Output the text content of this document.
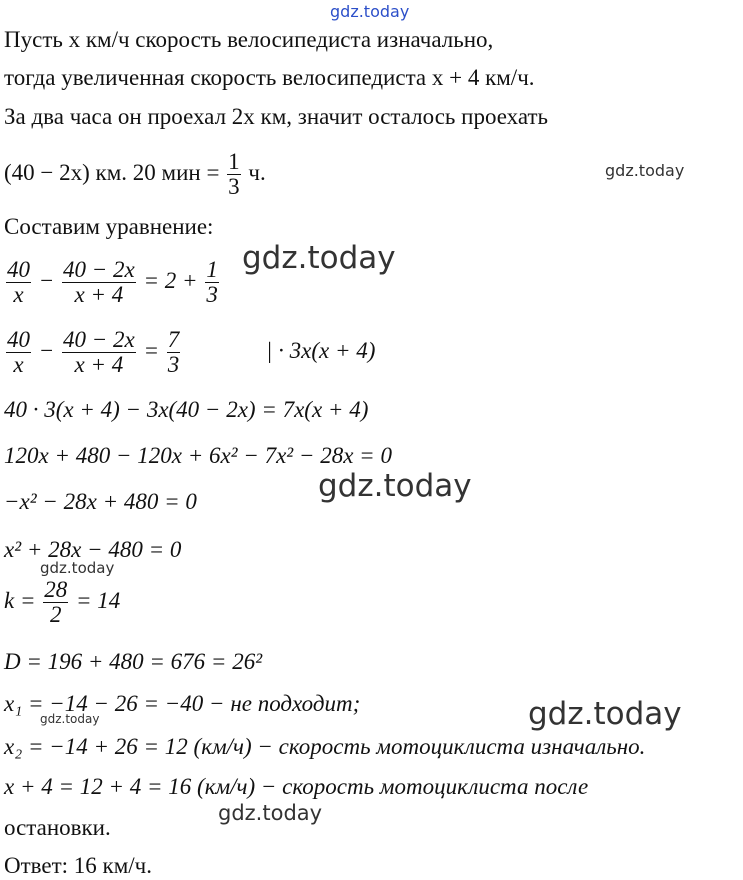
gdz.today
gdz.today
gdz.today
gdz.today
gdz.today
gdz.today
gdz.today
gdz.today
Пусть x км/ч скорость велосипедиста изначально,
тогда увеличенная скорость велосипедиста x + 4 км/ч.
За два часа он проехал 2x км, значит осталось проехать
(40 − 2x) км. 20 мин = $\frac{1}{3} ч$.
Составим уравнение:
$\frac{40}{x} - \frac{40 - 2x}{x + 4} = 2 + \frac{1}{3}$
$\frac{40}{x} - \frac{40 - 2x}{x + 4} = \frac{7}{3}$	| · 3x(x + 4)
40 · 3(x + 4) − 3x(40 − 2x) = 7x(x + 4)
120x + 480 − 120x + 6x² − 7x² − 28x = 0
−x² − 28x + 480 = 0
x² + 28x − 480 = 0
$k = \frac{28}{2} = 14$
D = 196 + 480 = 676 = 26²
x₁ = −14 − 26 = −40 − не подходит;
x₂ = −14 + 26 = 12 (км/ч) − скорость мотоциклиста изначально.
x + 4 = 12 + 4 = 16 (км/ч) − скорость мотоциклиста после
остановки.
Ответ: 16 км/ч.
